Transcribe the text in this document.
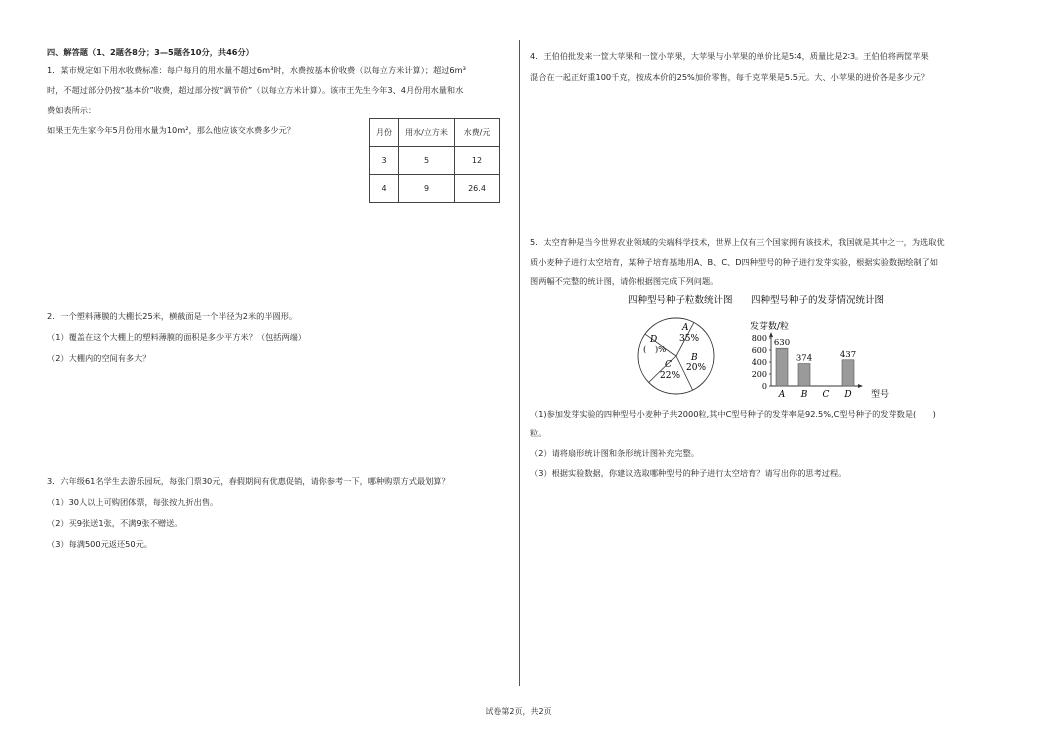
四、解答题（1、2题各8分；3—5题各10分，共46分）
1．某市规定如下用水收费标准：每户每月的用水量不超过6m³时，水费按基本价收费（以每立方米计算）；超过6m³
时，不超过部分仍按“基本价”收费，超过部分按“调节价”（以每立方米计算）。该市王先生今年3、4月份用水量和水
费如表所示：
如果王先生家今年5月份用水量为10m²，那么他应该交水费多少元？	月份	用水/立方米	水费/元
3	5	12
4	9	26.4
2．一个塑料薄膜的大棚长25米，横截面是一个半径为2米的半圆形。
（1）覆盖在这个大棚上的塑料薄膜的面积是多少平方米？（包括两端）
（2）大棚内的空间有多大？
3．六年级61名学生去游乐园玩，每张门票30元，春假期间有优惠促销，请你参考一下，哪种购票方式最划算？
（1）30人以上可购团体票，每张按九折出售。
（2）买9张送1张，不满9张不赠送。
（3）每满500元返还50元。
4．王伯伯批发来一筐大苹果和一筐小苹果，大苹果与小苹果的单价比是5∶4，质量比是2∶3。王伯伯将两筐苹果
混合在一起正好重100千克，按成本价的25%加价零售，每千克苹果是5.5元。大、小苹果的进价各是多少元？
5．太空育种是当今世界农业领域的尖端科学技术，世界上仅有三个国家拥有该技术，我国就是其中之一，为选取优
质小麦种子进行太空培育，某种子培育基地用A、B、C、D四种型号的种子进行发芽实验，根据实验数据绘制了如
图两幅不完整的统计图，请你根据图完成下列问题。
四种型号种子粒数统计图 四种型号种子的发芽情况统计图
A
35%
B
20%
C
22%
D
(　)%
发芽数/粒
型号
0
200
400
600
800 630
A
374
B C
437
D
（1)参加发芽实验的四种型号小麦种子共2000粒,其中C型号种子的发芽率是92.5%,C型号种子的发芽数是(　　)
粒。
（2）请将扇形统计图和条形统计图补充完整。
（3）根据实验数据，你建议选取哪种型号的种子进行太空培育？请写出你的思考过程。
试卷第2页，共2页
